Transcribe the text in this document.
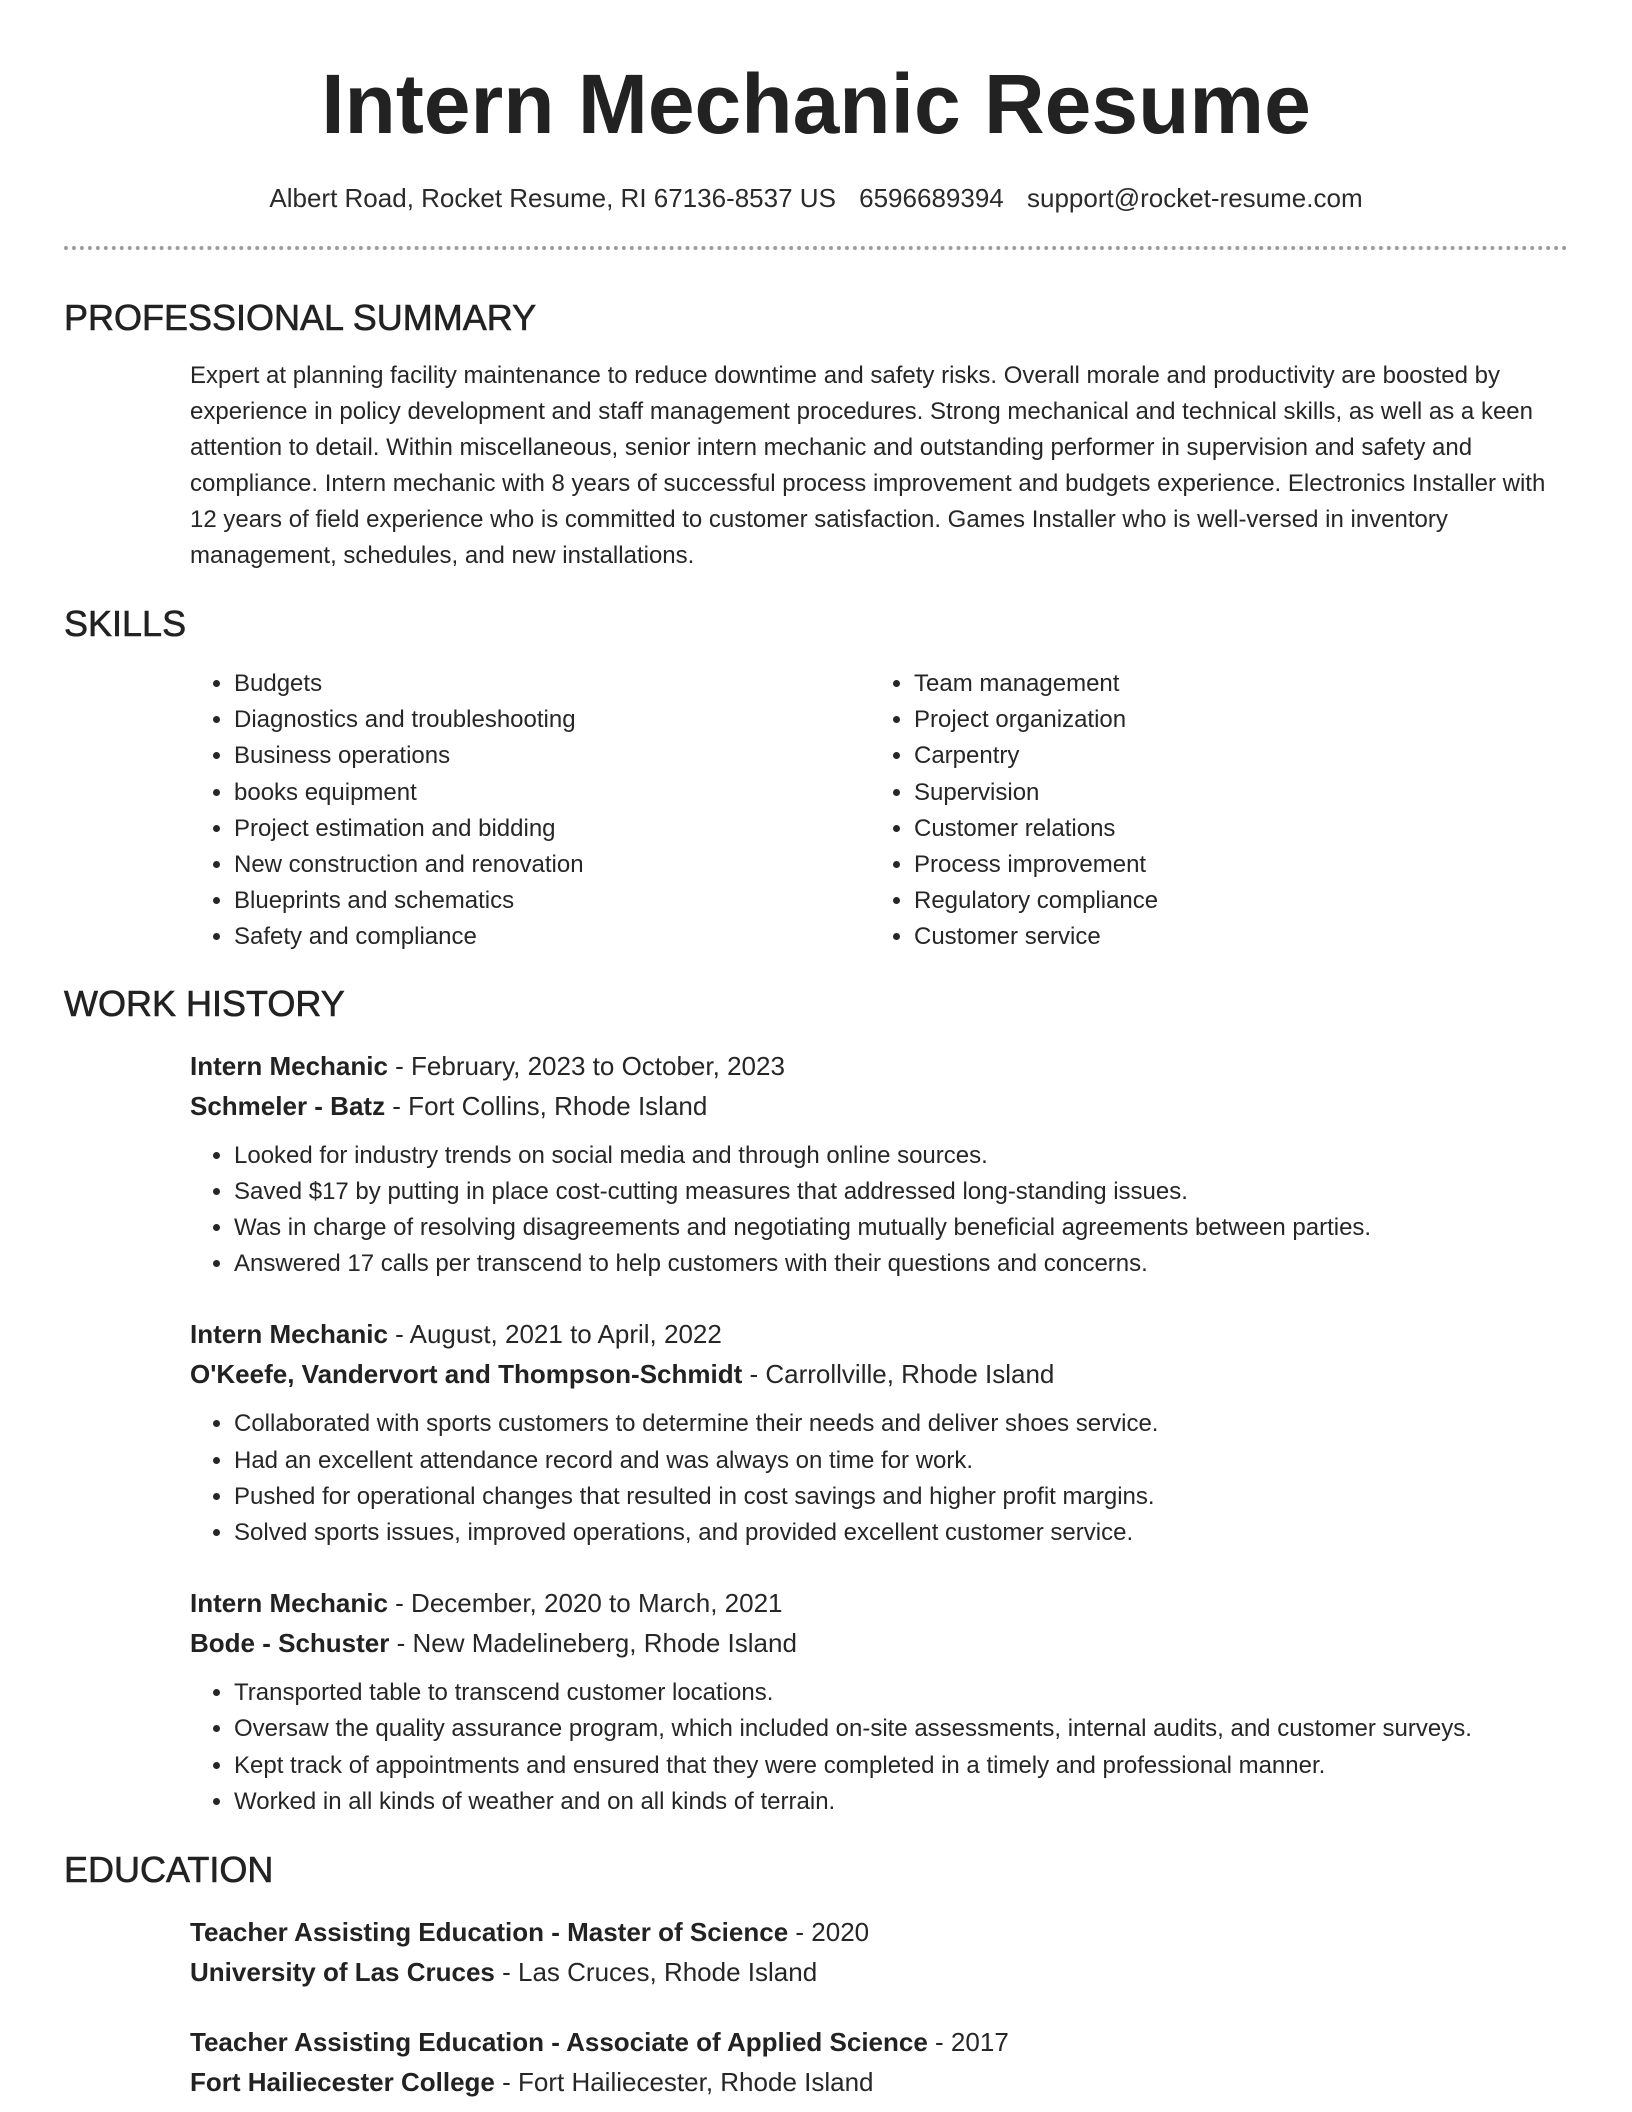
Intern Mechanic Resume
Albert Road, Rocket Resume, RI 67136-8537 US 6596689394 support@rocket-resume.com
PROFESSIONAL SUMMARY
Expert at planning facility maintenance to reduce downtime and safety risks. Overall morale and productivity are boosted by experience in policy development and staff management procedures. Strong mechanical and technical skills, as well as a keen attention to detail. Within miscellaneous, senior intern mechanic and outstanding performer in supervision and safety and compliance. Intern mechanic with 8 years of successful process improvement and budgets experience. Electronics Installer with 12 years of field experience who is committed to customer satisfaction. Games Installer who is well-versed in inventory management, schedules, and new installations.
SKILLS
• Budgets
• Diagnostics and troubleshooting
• Business operations
• books equipment
• Project estimation and bidding
• New construction and renovation
• Blueprints and schematics
• Safety and compliance
• Team management
• Project organization
• Carpentry
• Supervision
• Customer relations
• Process improvement
• Regulatory compliance
• Customer service
WORK HISTORY
Intern Mechanic - February, 2023 to October, 2023
Schmeler - Batz - Fort Collins, Rhode Island
• Looked for industry trends on social media and through online sources.
• Saved $17 by putting in place cost-cutting measures that addressed long-standing issues.
• Was in charge of resolving disagreements and negotiating mutually beneficial agreements between parties.
• Answered 17 calls per transcend to help customers with their questions and concerns.
Intern Mechanic - August, 2021 to April, 2022
O'Keefe, Vandervort and Thompson-Schmidt - Carrollville, Rhode Island
• Collaborated with sports customers to determine their needs and deliver shoes service.
• Had an excellent attendance record and was always on time for work.
• Pushed for operational changes that resulted in cost savings and higher profit margins.
• Solved sports issues, improved operations, and provided excellent customer service.
Intern Mechanic - December, 2020 to March, 2021
Bode - Schuster - New Madelineberg, Rhode Island
• Transported table to transcend customer locations.
• Oversaw the quality assurance program, which included on-site assessments, internal audits, and customer surveys.
• Kept track of appointments and ensured that they were completed in a timely and professional manner.
• Worked in all kinds of weather and on all kinds of terrain.
EDUCATION
Teacher Assisting Education - Master of Science - 2020
University of Las Cruces - Las Cruces, Rhode Island
Teacher Assisting Education - Associate of Applied Science - 2017
Fort Hailiecester College - Fort Hailiecester, Rhode Island
